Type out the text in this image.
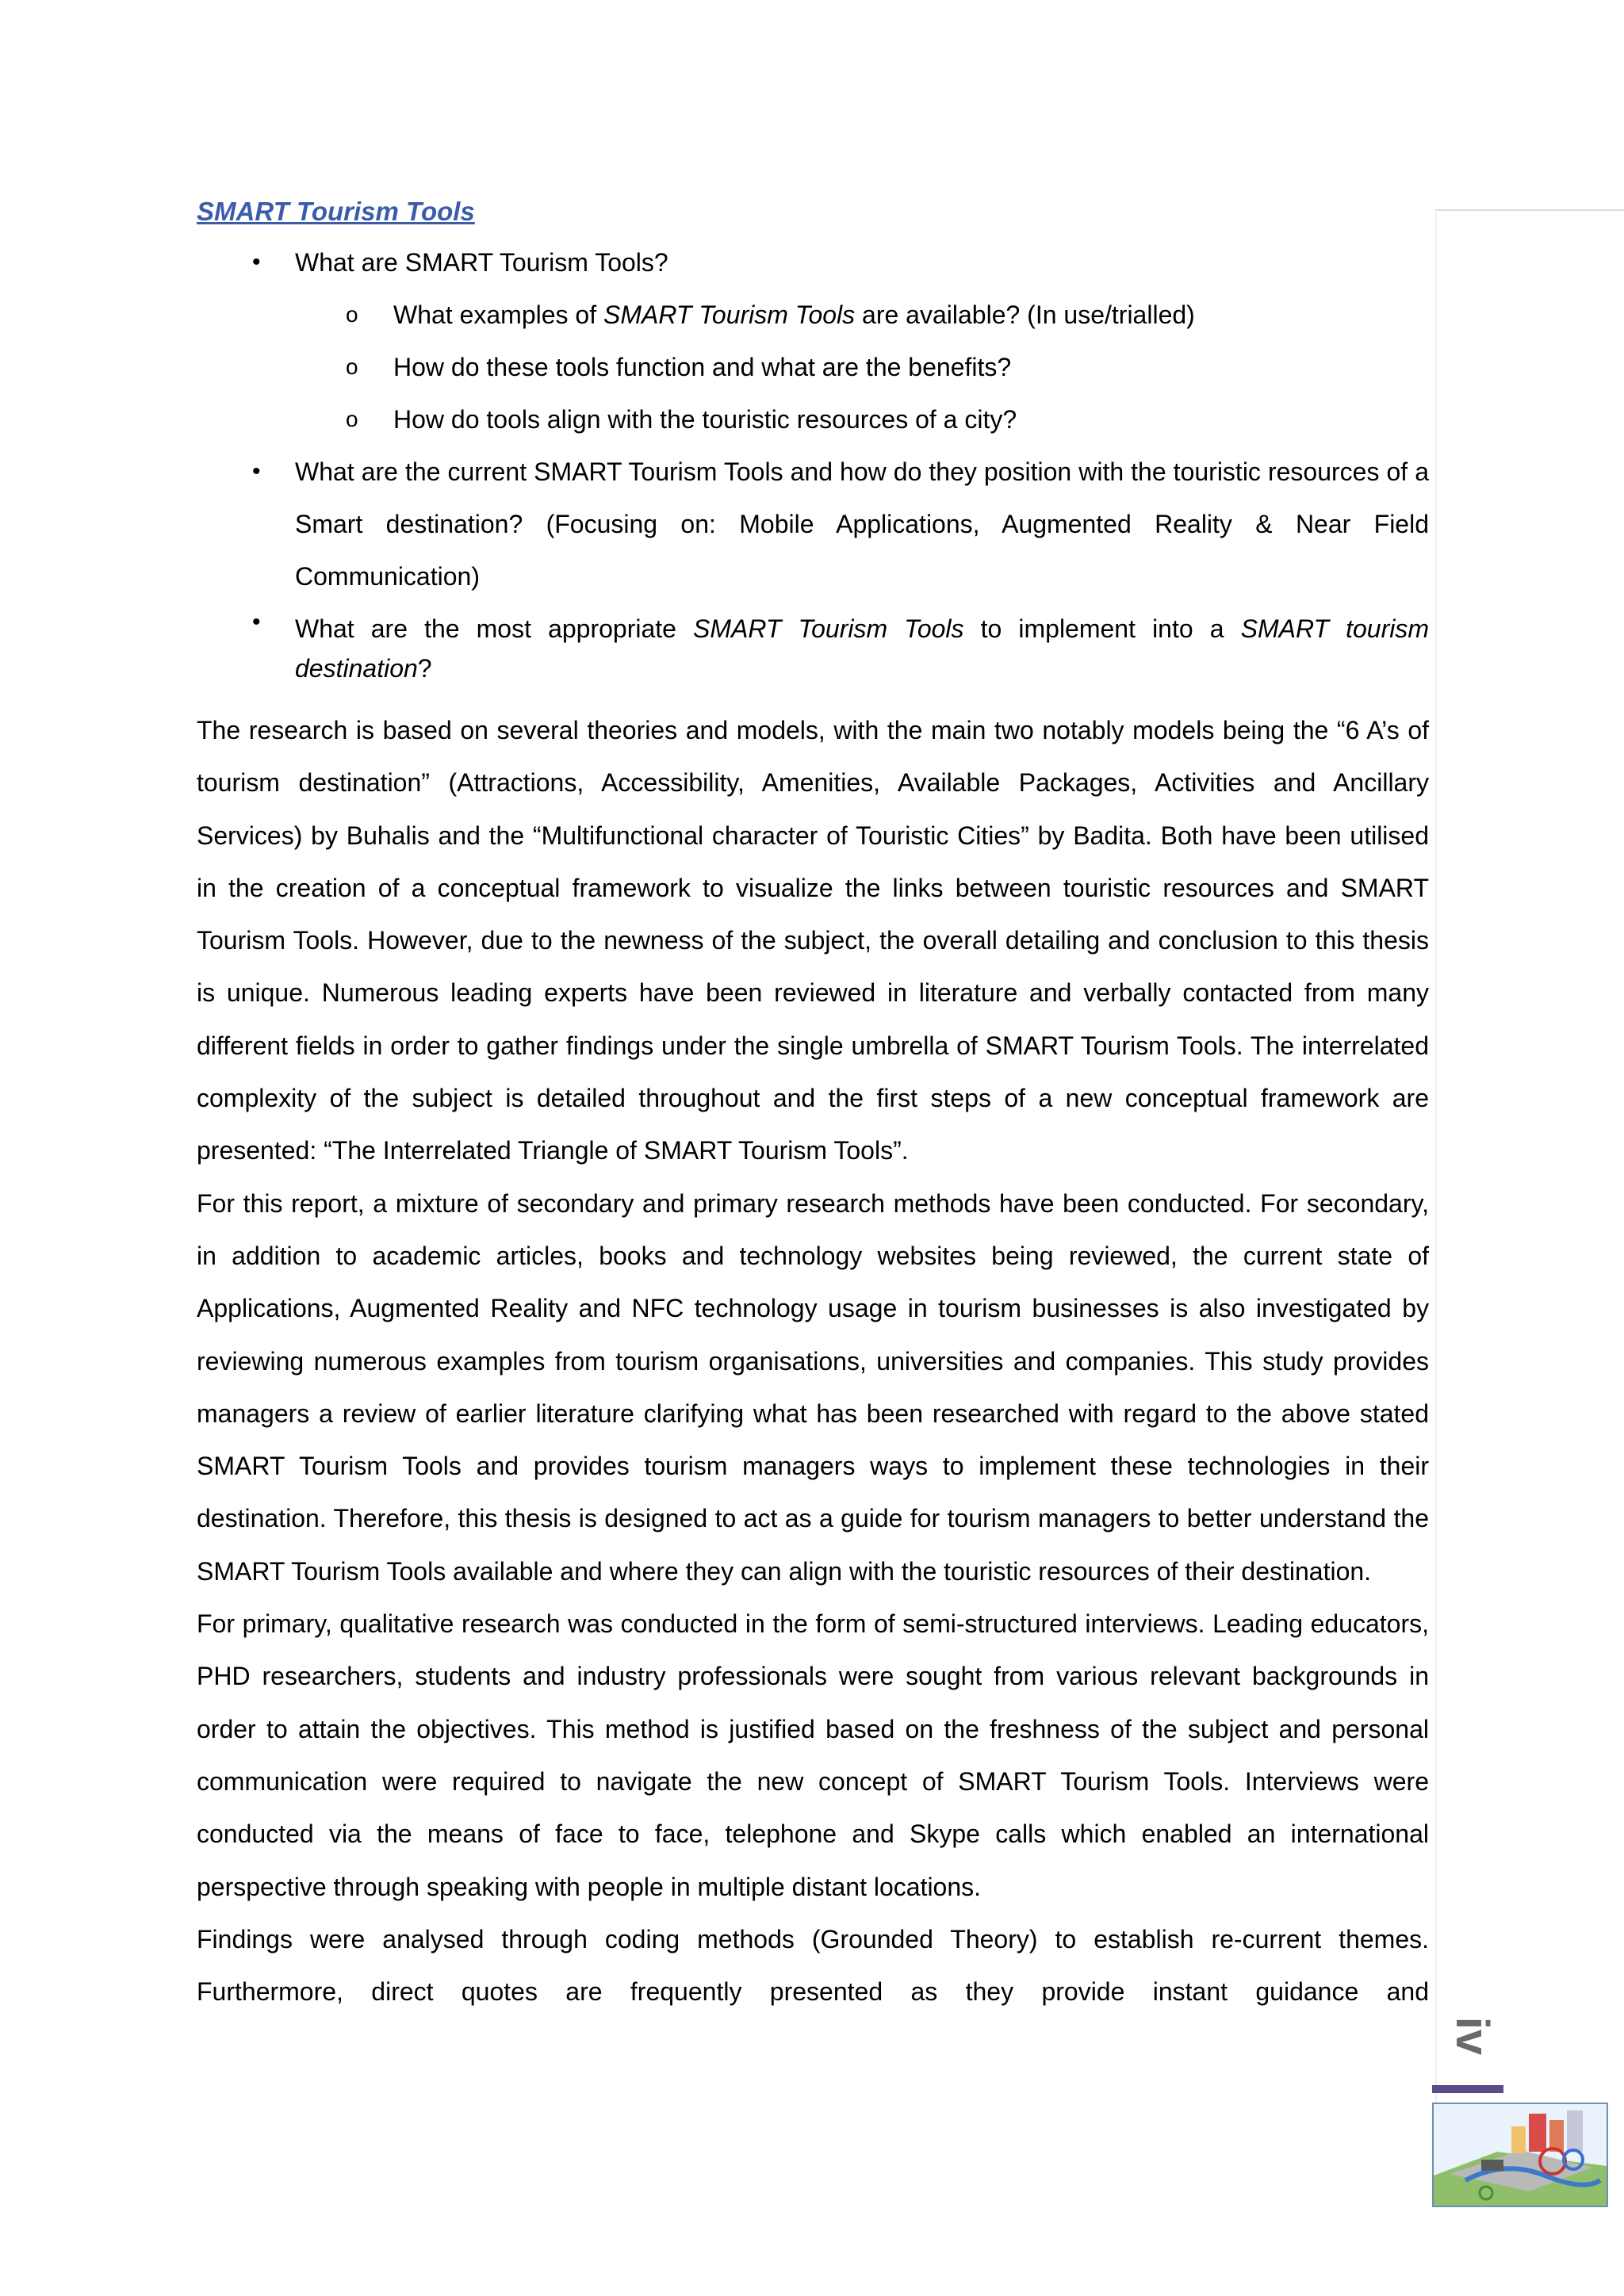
SMART Tourism Tools
• What are SMART Tourism Tools?
o What examples of SMART Tourism Tools are available? (In use/trialled)
o How do these tools function and what are the benefits?
o How do tools align with the touristic resources of a city?
• What are the current SMART Tourism Tools and how do they position with the touristic resources of a Smart destination? (Focusing on: Mobile Applications, Augmented Reality & Near Field Communication)
• What are the most appropriate SMART Tourism Tools to implement into a SMART tourism destination?

The research is based on several theories and models, with the main two notably models being the “6 A’s of tourism destination” (Attractions, Accessibility, Amenities, Available Packages, Activities and Ancillary Services) by Buhalis and the “Multifunctional character of Touristic Cities” by Badita. Both have been utilised in the creation of a conceptual framework to visualize the links between touristic resources and SMART Tourism Tools. However, due to the newness of the subject, the overall detailing and conclusion to this thesis is unique. Numerous leading experts have been reviewed in literature and verbally contacted from many different fields in order to gather findings under the single umbrella of SMART Tourism Tools. The interrelated complexity of the subject is detailed throughout and the first steps of a new conceptual framework are presented: “The Interrelated Triangle of SMART Tourism Tools”.

For this report, a mixture of secondary and primary research methods have been conducted. For secondary, in addition to academic articles, books and technology websites being reviewed, the current state of Applications, Augmented Reality and NFC technology usage in tourism businesses is also investigated by reviewing numerous examples from tourism organisations, universities and companies. This study provides managers a review of earlier literature clarifying what has been researched with regard to the above stated SMART Tourism Tools and provides tourism managers ways to implement these technologies in their destination. Therefore, this thesis is designed to act as a guide for tourism managers to better understand the SMART Tourism Tools available and where they can align with the touristic resources of their destination.

For primary, qualitative research was conducted in the form of semi-structured interviews. Leading educators, PHD researchers, students and industry professionals were sought from various relevant backgrounds in order to attain the objectives. This method is justified based on the freshness of the subject and personal communication were required to navigate the new concept of SMART Tourism Tools. Interviews were conducted via the means of face to face, telephone and Skype calls which enabled an international perspective through speaking with people in multiple distant locations.

Findings were analysed through coding methods (Grounded Theory) to establish re-current themes. Furthermore, direct quotes are frequently presented as they provide instant guidance and

iv
